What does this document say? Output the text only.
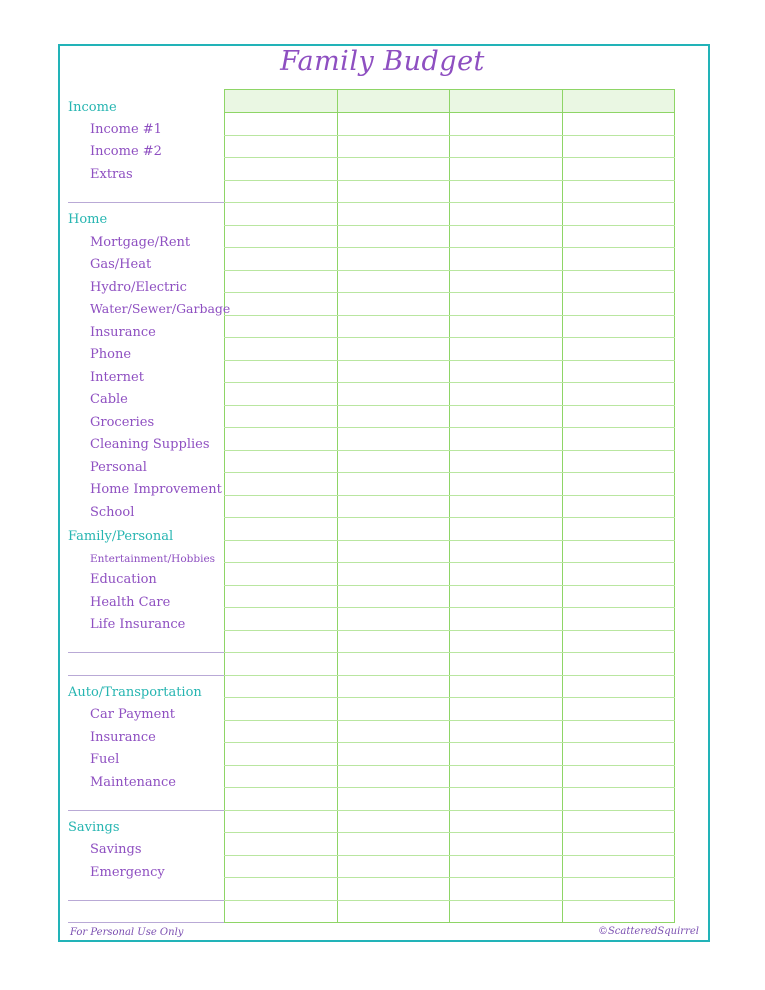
Family Budget
Income
Income #1
Income #2
Extras
Home
Mortgage/Rent
Gas/Heat
Hydro/Electric
Water/Sewer/Garbage
Insurance
Phone
Internet
Cable
Groceries
Cleaning Supplies
Personal
Home Improvement
School
Family/Personal
Entertainment/Hobbies
Education
Health Care
Life Insurance
Auto/Transportation
Car Payment
Insurance
Fuel
Maintenance
Savings
Savings
Emergency
For Personal Use Only	©ScatteredSquirrel
